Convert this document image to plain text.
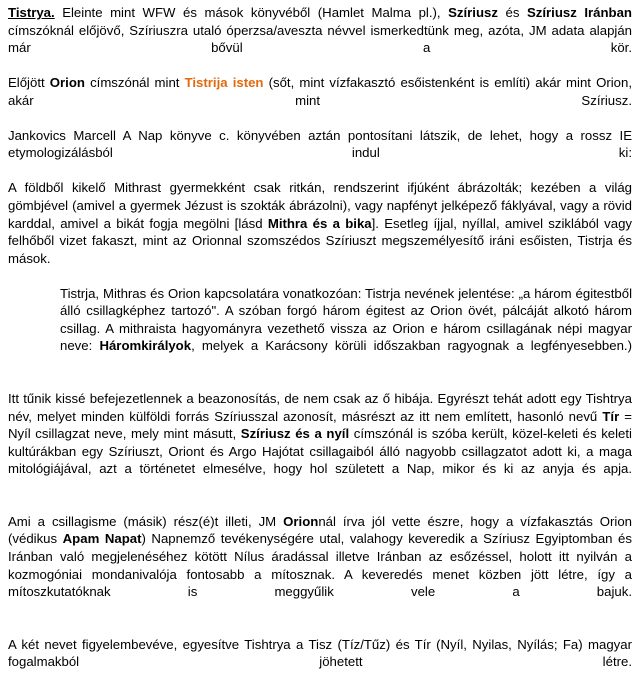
Tistrya. Eleinte mint WFW és mások könyvéből (Hamlet Malma pl.), Szíriusz és Szíriusz Iránban címszóknál előjövő, Szíriuszra utaló óperzsa/aveszta névvel ismerkedtünk meg, azóta, JM adata alapján már bővül a kör.

Előjött Orion címszónál mint Tistrija isten (sőt, mint vízfakasztó esőistenként is említi) akár mint Orion, akár mint Szíriusz.

Jankovics Marcell A Nap könyve c. könyvében aztán pontosítani látszik, de lehet, hogy a rossz IE etymologizálásból indul ki:

A földből kikelő Mithrast gyermekként csak ritkán, rendszerint ifjúként ábrázolták; kezében a világ gömbjével (amivel a gyermek Jézust is szokták ábrázolni), vagy napfényt jelképező fáklyával, vagy a rövid karddal, amivel a bikát fogja megölni [lásd Mithra és a bika]. Esetleg íjjal, nyíllal, amivel sziklából vagy felhőből vizet fakaszt, mint az Orionnal szomszédos Szíriuszt megszemélyesítő iráni esőisten, Tistrja és mások.

Tistrja, Mithras és Orion kapcsolatára vonatkozóan: Tistrja nevének jelentése: „a három égitestből álló csillagképhez tartozó". A szóban forgó három égitest az Orion övét, pálcáját alkotó három csillag. A mithraista hagyományra vezethető vissza az Orion e három csillagának népi magyar neve: Háromkirályok, melyek a Karácsony körüli időszakban ragyognak a legfényesebben.)

Itt tűnik kissé befejezetlennek a beazonosítás, de nem csak az ő hibája. Egyrészt tehát adott egy Tishtrya név, melyet minden külföldi forrás Szíriusszal azonosít, másrészt az itt nem említett, hasonló nevű Tír = Nyíl csillagzat neve, mely mint másutt, Szíriusz és a nyíl címszónál is szóba került, közel-keleti és keleti kultúrákban egy Szíriuszt, Oriont és Argo Hajótat csillagaiból álló nagyobb csillagzatot adott ki, a maga mitológiájával, azt a történetet elmesélve, hogy hol született a Nap, mikor és ki az anyja és apja.

Ami a csillagisme (másik) rész(é)t illeti, JM Orionnál írva jól vette észre, hogy a vízfakasztás Orion (védikus Apam Napat) Napnemző tevékenységére utal, valahogy keveredik a Szíriusz Egyiptomban és Iránban való megjelenéséhez kötött Nílus áradással illetve Iránban az esőzéssel, holott itt nyilván a kozmogóniai mondanivalója fontosabb a mítosznak. A keveredés menet közben jött létre, így a mítoszkutatóknak is meggyűlik vele a bajuk.

A két nevet figyelembevéve, egyesítve Tishtrya a Tisz (Tíz/Tűz) és Tír (Nyíl, Nyilas, Nyílás; Fa) magyar fogalmakból jöhetett létre.
